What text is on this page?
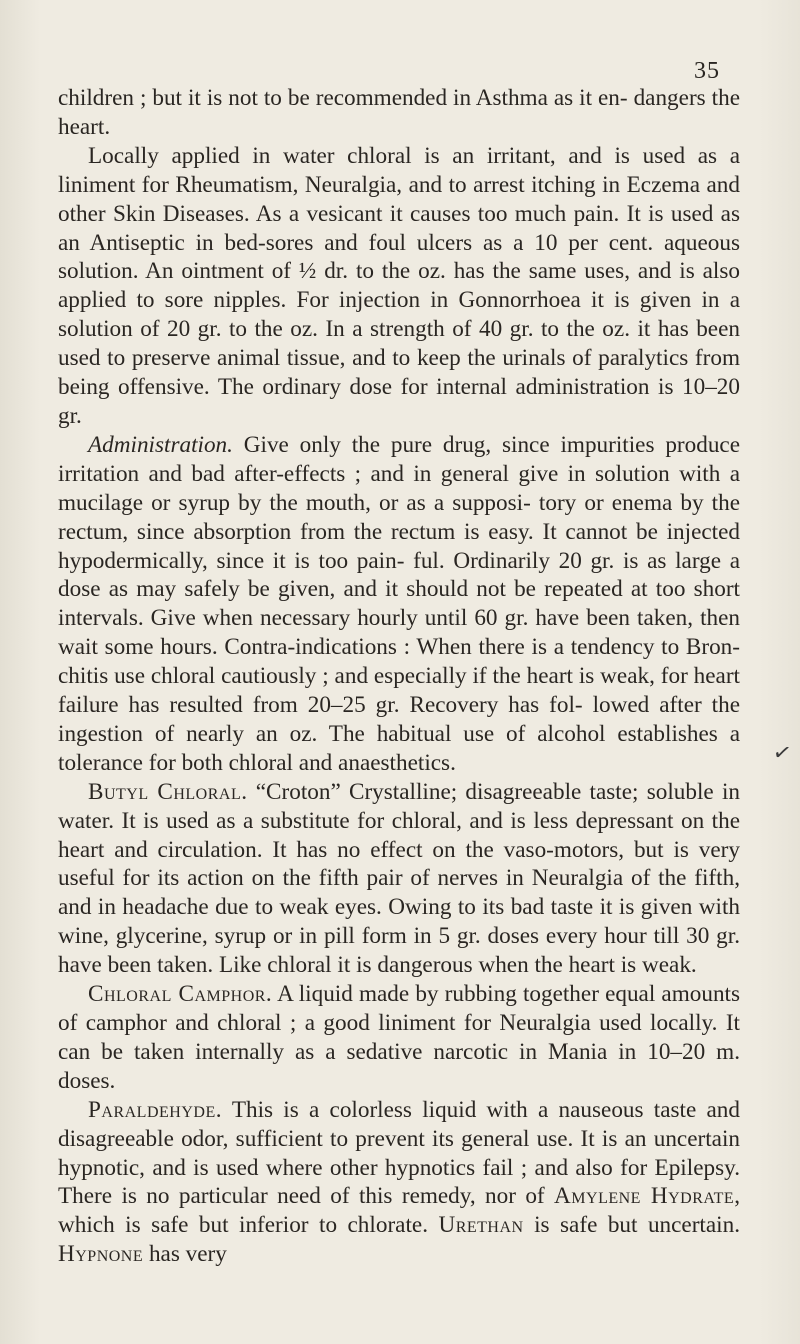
35
✓

children ; but it is not to be recommended in Asthma as it en- dangers the heart.

Locally applied in water chloral is an irritant, and is used as a liniment for Rheumatism, Neuralgia, and to arrest itching in Eczema and other Skin Diseases. As a vesicant it causes too much pain. It is used as an Antiseptic in bed-sores and foul ulcers as a 10 per cent. aqueous solution. An ointment of ½ dr. to the oz. has the same uses, and is also applied to sore nipples. For injection in Gonnorrhoea it is given in a solution of 20 gr. to the oz. In a strength of 40 gr. to the oz. it has been used to preserve animal tissue, and to keep the urinals of paralytics from being offensive. The ordinary dose for internal administration is 10–20 gr.

Administration. Give only the pure drug, since impurities produce irritation and bad after-effects ; and in general give in solution with a mucilage or syrup by the mouth, or as a supposi- tory or enema by the rectum, since absorption from the rectum is easy. It cannot be injected hypodermically, since it is too pain- ful. Ordinarily 20 gr. is as large a dose as may safely be given, and it should not be repeated at too short intervals. Give when necessary hourly until 60 gr. have been taken, then wait some hours. Contra-indications : When there is a tendency to Bron- chitis use chloral cautiously ; and especially if the heart is weak, for heart failure has resulted from 20–25 gr. Recovery has fol- lowed after the ingestion of nearly an oz. The habitual use of alcohol establishes a tolerance for both chloral and anaesthetics.

Butyl Chloral. “Croton” Crystalline; disagreeable taste; soluble in water. It is used as a substitute for chloral, and is less depressant on the heart and circulation. It has no effect on the vaso-motors, but is very useful for its action on the fifth pair of nerves in Neuralgia of the fifth, and in headache due to weak eyes. Owing to its bad taste it is given with wine, glycerine, syrup or in pill form in 5 gr. doses every hour till 30 gr. have been taken. Like chloral it is dangerous when the heart is weak.

Chloral Camphor. A liquid made by rubbing together equal amounts of camphor and chloral ; a good liniment for Neuralgia used locally. It can be taken internally as a sedative narcotic in Mania in 10–20 m. doses.

Paraldehyde. This is a colorless liquid with a nauseous taste and disagreeable odor, sufficient to prevent its general use. It is an uncertain hypnotic, and is used where other hypnotics fail ; and also for Epilepsy. There is no particular need of this remedy, nor of Amylene Hydrate, which is safe but inferior to chlorate. Urethan is safe but uncertain. Hypnone has very
